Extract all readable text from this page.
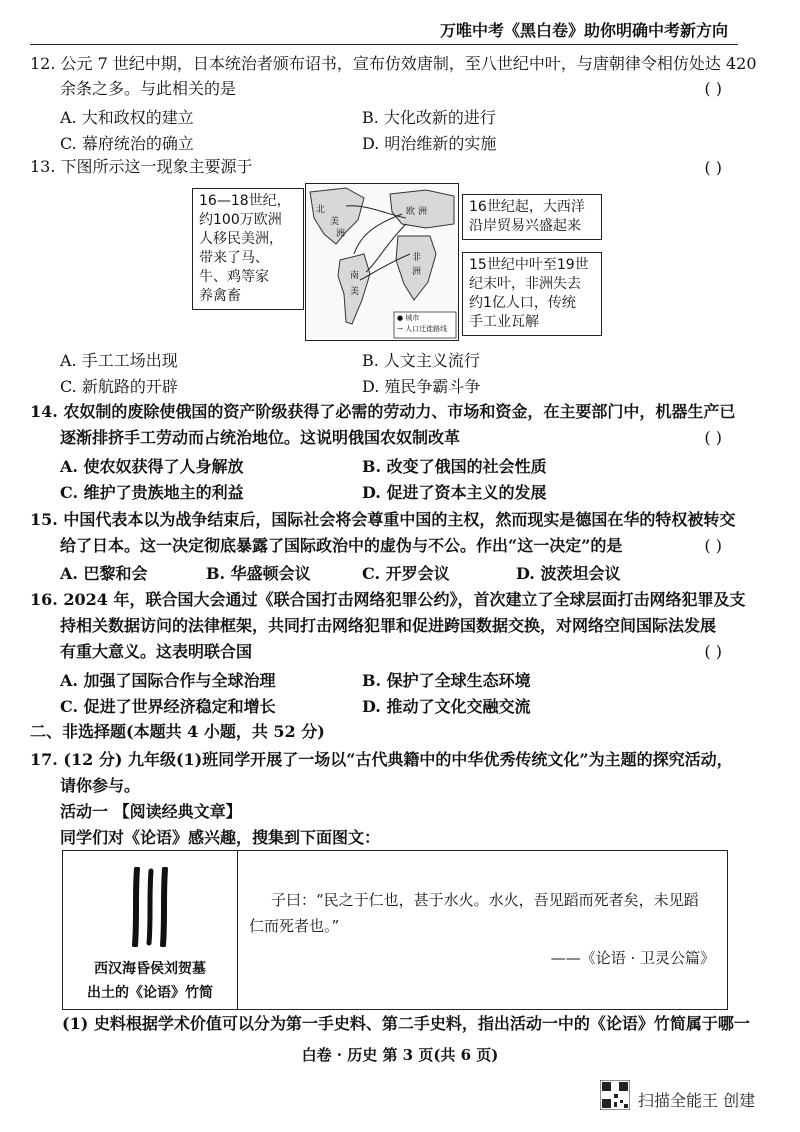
万唯中考《黑白卷》助你明确中考新方向
12. 公元 7 世纪中期，日本统治者颁布诏书，宣布仿效唐制，至八世纪中叶，与唐朝律令相仿处达 420
余条之多。与此相关的是	( )
A. 大和政权的建立	B. 大化改新的进行
C. 幕府统治的确立	D. 明治维新的实施
13. 下图所示这一现象主要源于	( )
16—18世纪，
约100万欧洲
人移民美洲，
带来了马、
牛、鸡等家
养禽畜
北
美
洲
欧 洲
南
美
非
洲
● 城市
→ 人口迁徙路线
16世纪起，大西洋
沿岸贸易兴盛起来
15世纪中叶至19世
纪末叶，非洲失去
约1亿人口，传统
手工业瓦解
A. 手工工场出现	B. 人文主义流行
C. 新航路的开辟	D. 殖民争霸斗争
14. 农奴制的废除使俄国的资产阶级获得了必需的劳动力、市场和资金，在主要部门中，机器生产已
逐渐排挤手工劳动而占统治地位。这说明俄国农奴制改革	( )
A. 使农奴获得了人身解放	B. 改变了俄国的社会性质
C. 维护了贵族地主的利益	D. 促进了资本主义的发展
15. 中国代表本以为战争结束后，国际社会将会尊重中国的主权，然而现实是德国在华的特权被转交
给了日本。这一决定彻底暴露了国际政治中的虚伪与不公。作出“这一决定”的是	( )
A. 巴黎和会	B. 华盛顿会议	C. 开罗会议	D. 波茨坦会议
16. 2024 年，联合国大会通过《联合国打击网络犯罪公约》，首次建立了全球层面打击网络犯罪及支
持相关数据访问的法律框架，共同打击网络犯罪和促进跨国数据交换，对网络空间国际法发展
有重大意义。这表明联合国	( )
A. 加强了国际合作与全球治理	B. 保护了全球生态环境
C. 促进了世界经济稳定和增长	D. 推动了文化交融交流
二、非选择题(本题共 4 小题，共 52 分)
17. (12 分) 九年级(1)班同学开展了一场以“古代典籍中的中华优秀传统文化”为主题的探究活动，
请你参与。
活动一 【阅读经典文章】
同学们对《论语》感兴趣，搜集到下面图文：
西汉海昏侯刘贺墓
出土的《论语》竹简
子曰：“民之于仁也，甚于水火。水火，吾见蹈而死者矣，未见蹈
仁而死者也。”
——《论语 · 卫灵公篇》
(1) 史料根据学术价值可以分为第一手史料、第二手史料，指出活动一中的《论语》竹简属于哪一
白卷 · 历史 第 3 页(共 6 页)
扫描全能王 创建
